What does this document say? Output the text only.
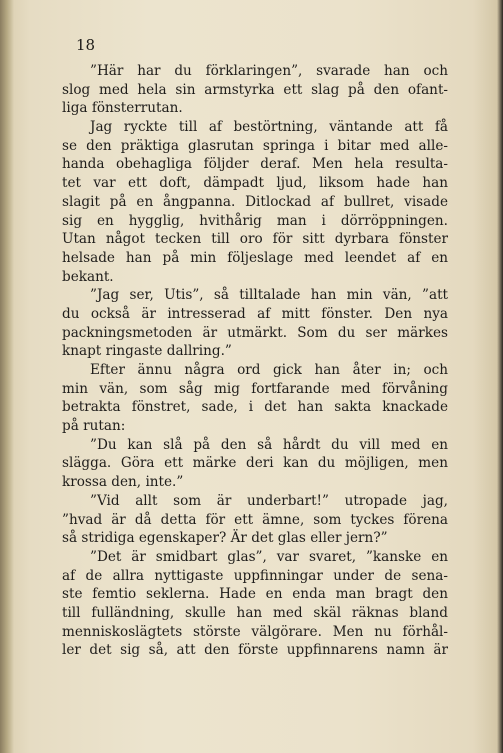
18
”Här har du förklaringen”, svarade han och
slog med hela sin armstyrka ett slag på den ofant-
liga fönsterrutan.
Jag ryckte till af bestörtning, väntande att få
se den präktiga glasrutan springa i bitar med alle-
handa obehagliga följder deraf. Men hela resulta-
tet var ett doft, dämpadt ljud, liksom hade han
slagit på en ångpanna. Ditlockad af bullret, visade
sig en hygglig, hvithårig man i dörröppningen.
Utan något tecken till oro för sitt dyrbara fönster
helsade han på min följeslage med leendet af en
bekant.
”Jag ser, Utis”, så tilltalade han min vän, ”att
du också är intresserad af mitt fönster. Den nya
packningsmetoden är utmärkt. Som du ser märkes
knapt ringaste dallring.”
Efter ännu några ord gick han åter in; och
min vän, som såg mig fortfarande med förvåning
betrakta fönstret, sade, i det han sakta knackade
på rutan:
”Du kan slå på den så hårdt du vill med en
slägga. Göra ett märke deri kan du möjligen, men
krossa den, inte.”
”Vid allt som är underbart!” utropade jag,
”hvad är då detta för ett ämne, som tyckes förena
så stridiga egenskaper? Är det glas eller jern?”
”Det är smidbart glas”, var svaret, ”kanske en
af de allra nyttigaste uppfinningar under de sena-
ste femtio seklerna. Hade en enda man bragt den
till fulländning, skulle han med skäl räknas bland
menniskoslägtets störste välgörare. Men nu förhål-
ler det sig så, att den förste uppfinnarens namn är
